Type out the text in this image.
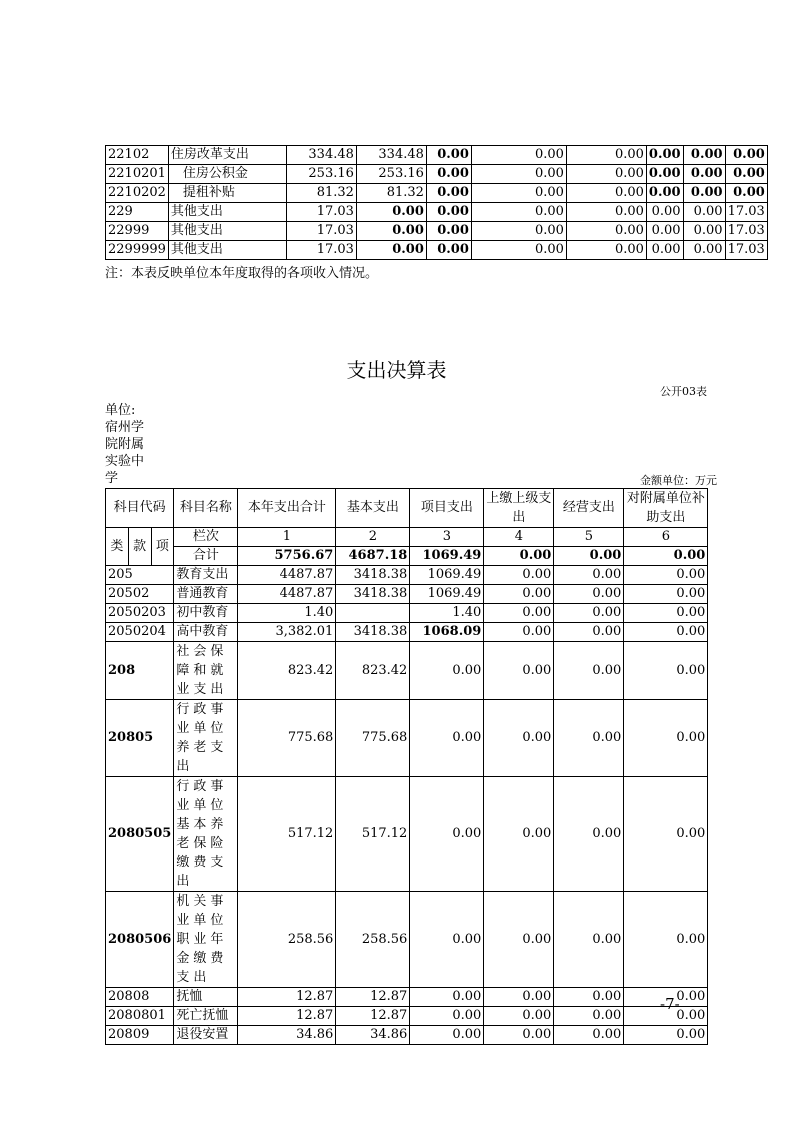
22102	住房改革支出	334.48	334.48	0.00	0.00	0.00	0.00	0.00	0.00
2210201	住房公积金	253.16	253.16	0.00	0.00	0.00	0.00	0.00	0.00
2210202	提租补贴	81.32	81.32	0.00	0.00	0.00	0.00	0.00	0.00
229	其他支出	17.03	0.00	0.00	0.00	0.00	0.00	0.00	17.03
22999	其他支出	17.03	0.00	0.00	0.00	0.00	0.00	0.00	17.03
2299999	其他支出	17.03	0.00	0.00	0.00	0.00	0.00	0.00	17.03
注：本表反映单位本年度取得的各项收入情况。
支出决算表
公开03表
单位:
宿州学院附属实验中学	金额单位：万元
科目代码			科目名称	本年支出合计	基本支出	项目支出	上缴上级支出	经营支出	对附属单位补助支出
类	款	项	栏次	1	2	3	4	5	6
			合计	5756.67	4687.18	1069.49	0.00	0.00	0.00
205			教育支出	4487.87	3418.38	1069.49	0.00	0.00	0.00
20502			普通教育	4487.87	3418.38	1069.49	0.00	0.00	0.00
2050203			初中教育	1.40		1.40	0.00	0.00	0.00
2050204			高中教育	3,382.01	3418.38	1068.09	0.00	0.00	0.00
208			社会保障和就业支出	823.42	823.42	0.00	0.00	0.00	0.00
20805			行政事业单位养老支出	775.68	775.68	0.00	0.00	0.00	0.00
2080505			行政事业单位基本养老保险缴费支出	517.12	517.12	0.00	0.00	0.00	0.00
2080506			机关事业单位职业年金缴费支出	258.56	258.56	0.00	0.00	0.00	0.00
20808			抚恤	12.87	12.87	0.00	0.00	0.00	0.00
2080801			死亡抚恤	12.87	12.87	0.00	0.00	0.00	0.00
20809			退役安置	34.86	34.86	0.00	0.00	0.00	0.00
-7-
